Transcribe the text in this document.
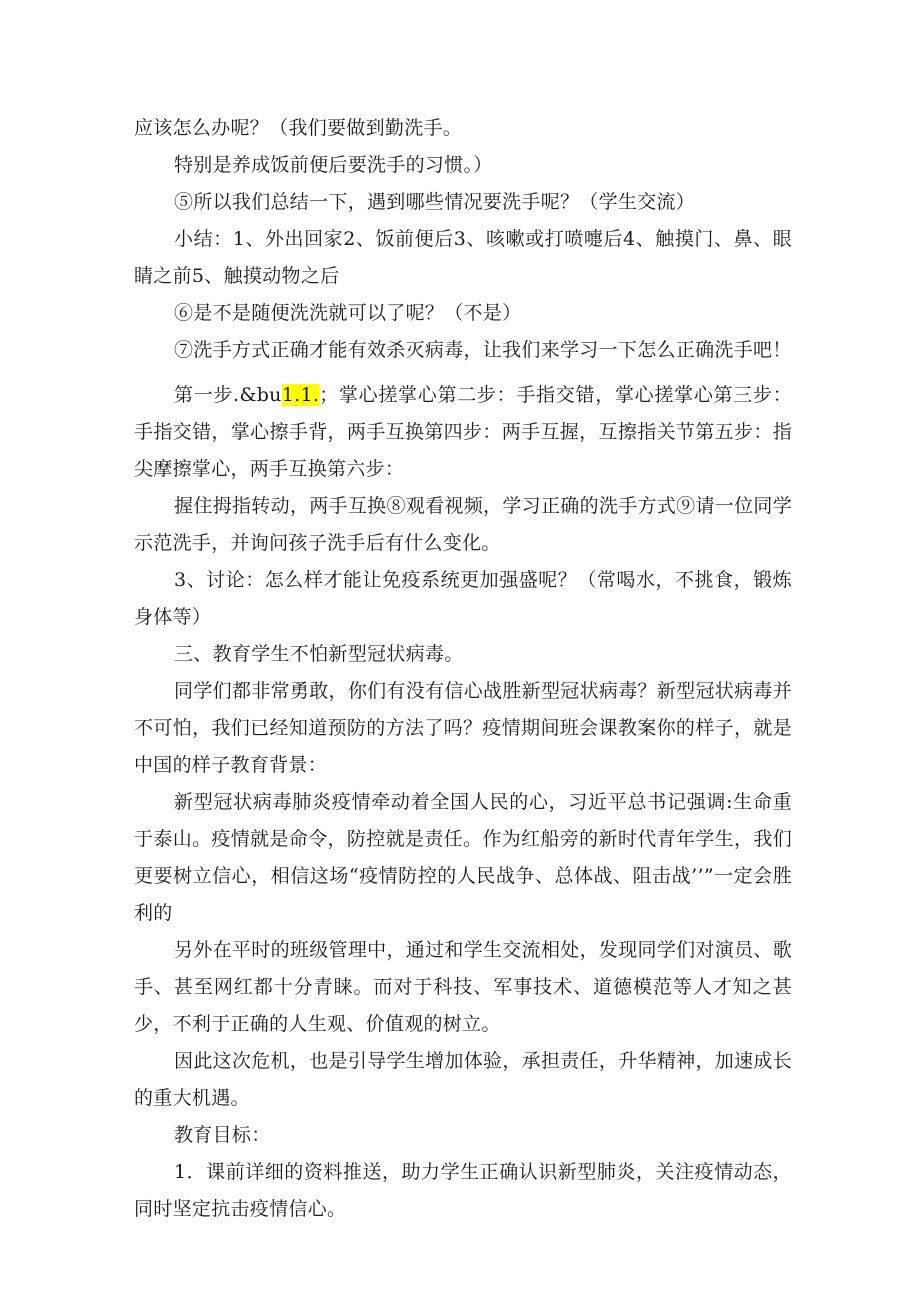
应该怎么办呢？（我们要做到勤洗手。

特别是养成饭前便后要洗手的习惯。）

⑤所以我们总结一下，遇到哪些情况要洗手呢？（学生交流）

小结：1、外出回家2、饭前便后3、咳嗽或打喷嚏后4、触摸门、鼻、眼睛之前5、触摸动物之后

⑥是不是随便洗洗就可以了呢？（不是）

⑦洗手方式正确才能有效杀灭病毒，让我们来学习一下怎么正确洗手吧！

第一步.&bu1.1.；掌心搓掌心第二步：手指交错，掌心搓掌心第三步：手指交错，掌心擦手背，两手互换第四步：两手互握，互擦指关节第五步：指尖摩擦掌心，两手互换第六步：

握住拇指转动，两手互换⑧观看视频，学习正确的洗手方式⑨请一位同学示范洗手，并询问孩子洗手后有什么变化。

3、讨论：怎么样才能让免疫系统更加强盛呢？（常喝水，不挑食，锻炼身体等）

三、教育学生不怕新型冠状病毒。

同学们都非常勇敢，你们有没有信心战胜新型冠状病毒？新型冠状病毒并不可怕，我们已经知道预防的方法了吗？疫情期间班会课教案你的样子，就是中国的样子教育背景：

新型冠状病毒肺炎疫情牵动着全国人民的心，习近平总书记强调:生命重于泰山。疫情就是命令，防控就是责任。作为红船旁的新时代青年学生，我们更要树立信心，相信这场“疫情防控的人民战争、总体战、阻击战’’”一定会胜利的

另外在平时的班级管理中，通过和学生交流相处，发现同学们对演员、歌手、甚至网红都十分青睐。而对于科技、军事技术、道德模范等人才知之甚少，不利于正确的人生观、价值观的树立。

因此这次危机，也是引导学生增加体验，承担责任，升华精神，加速成长的重大机遇。

教育目标：

1．课前详细的资料推送，助力学生正确认识新型肺炎，关注疫情动态，同时坚定抗击疫情信心。
